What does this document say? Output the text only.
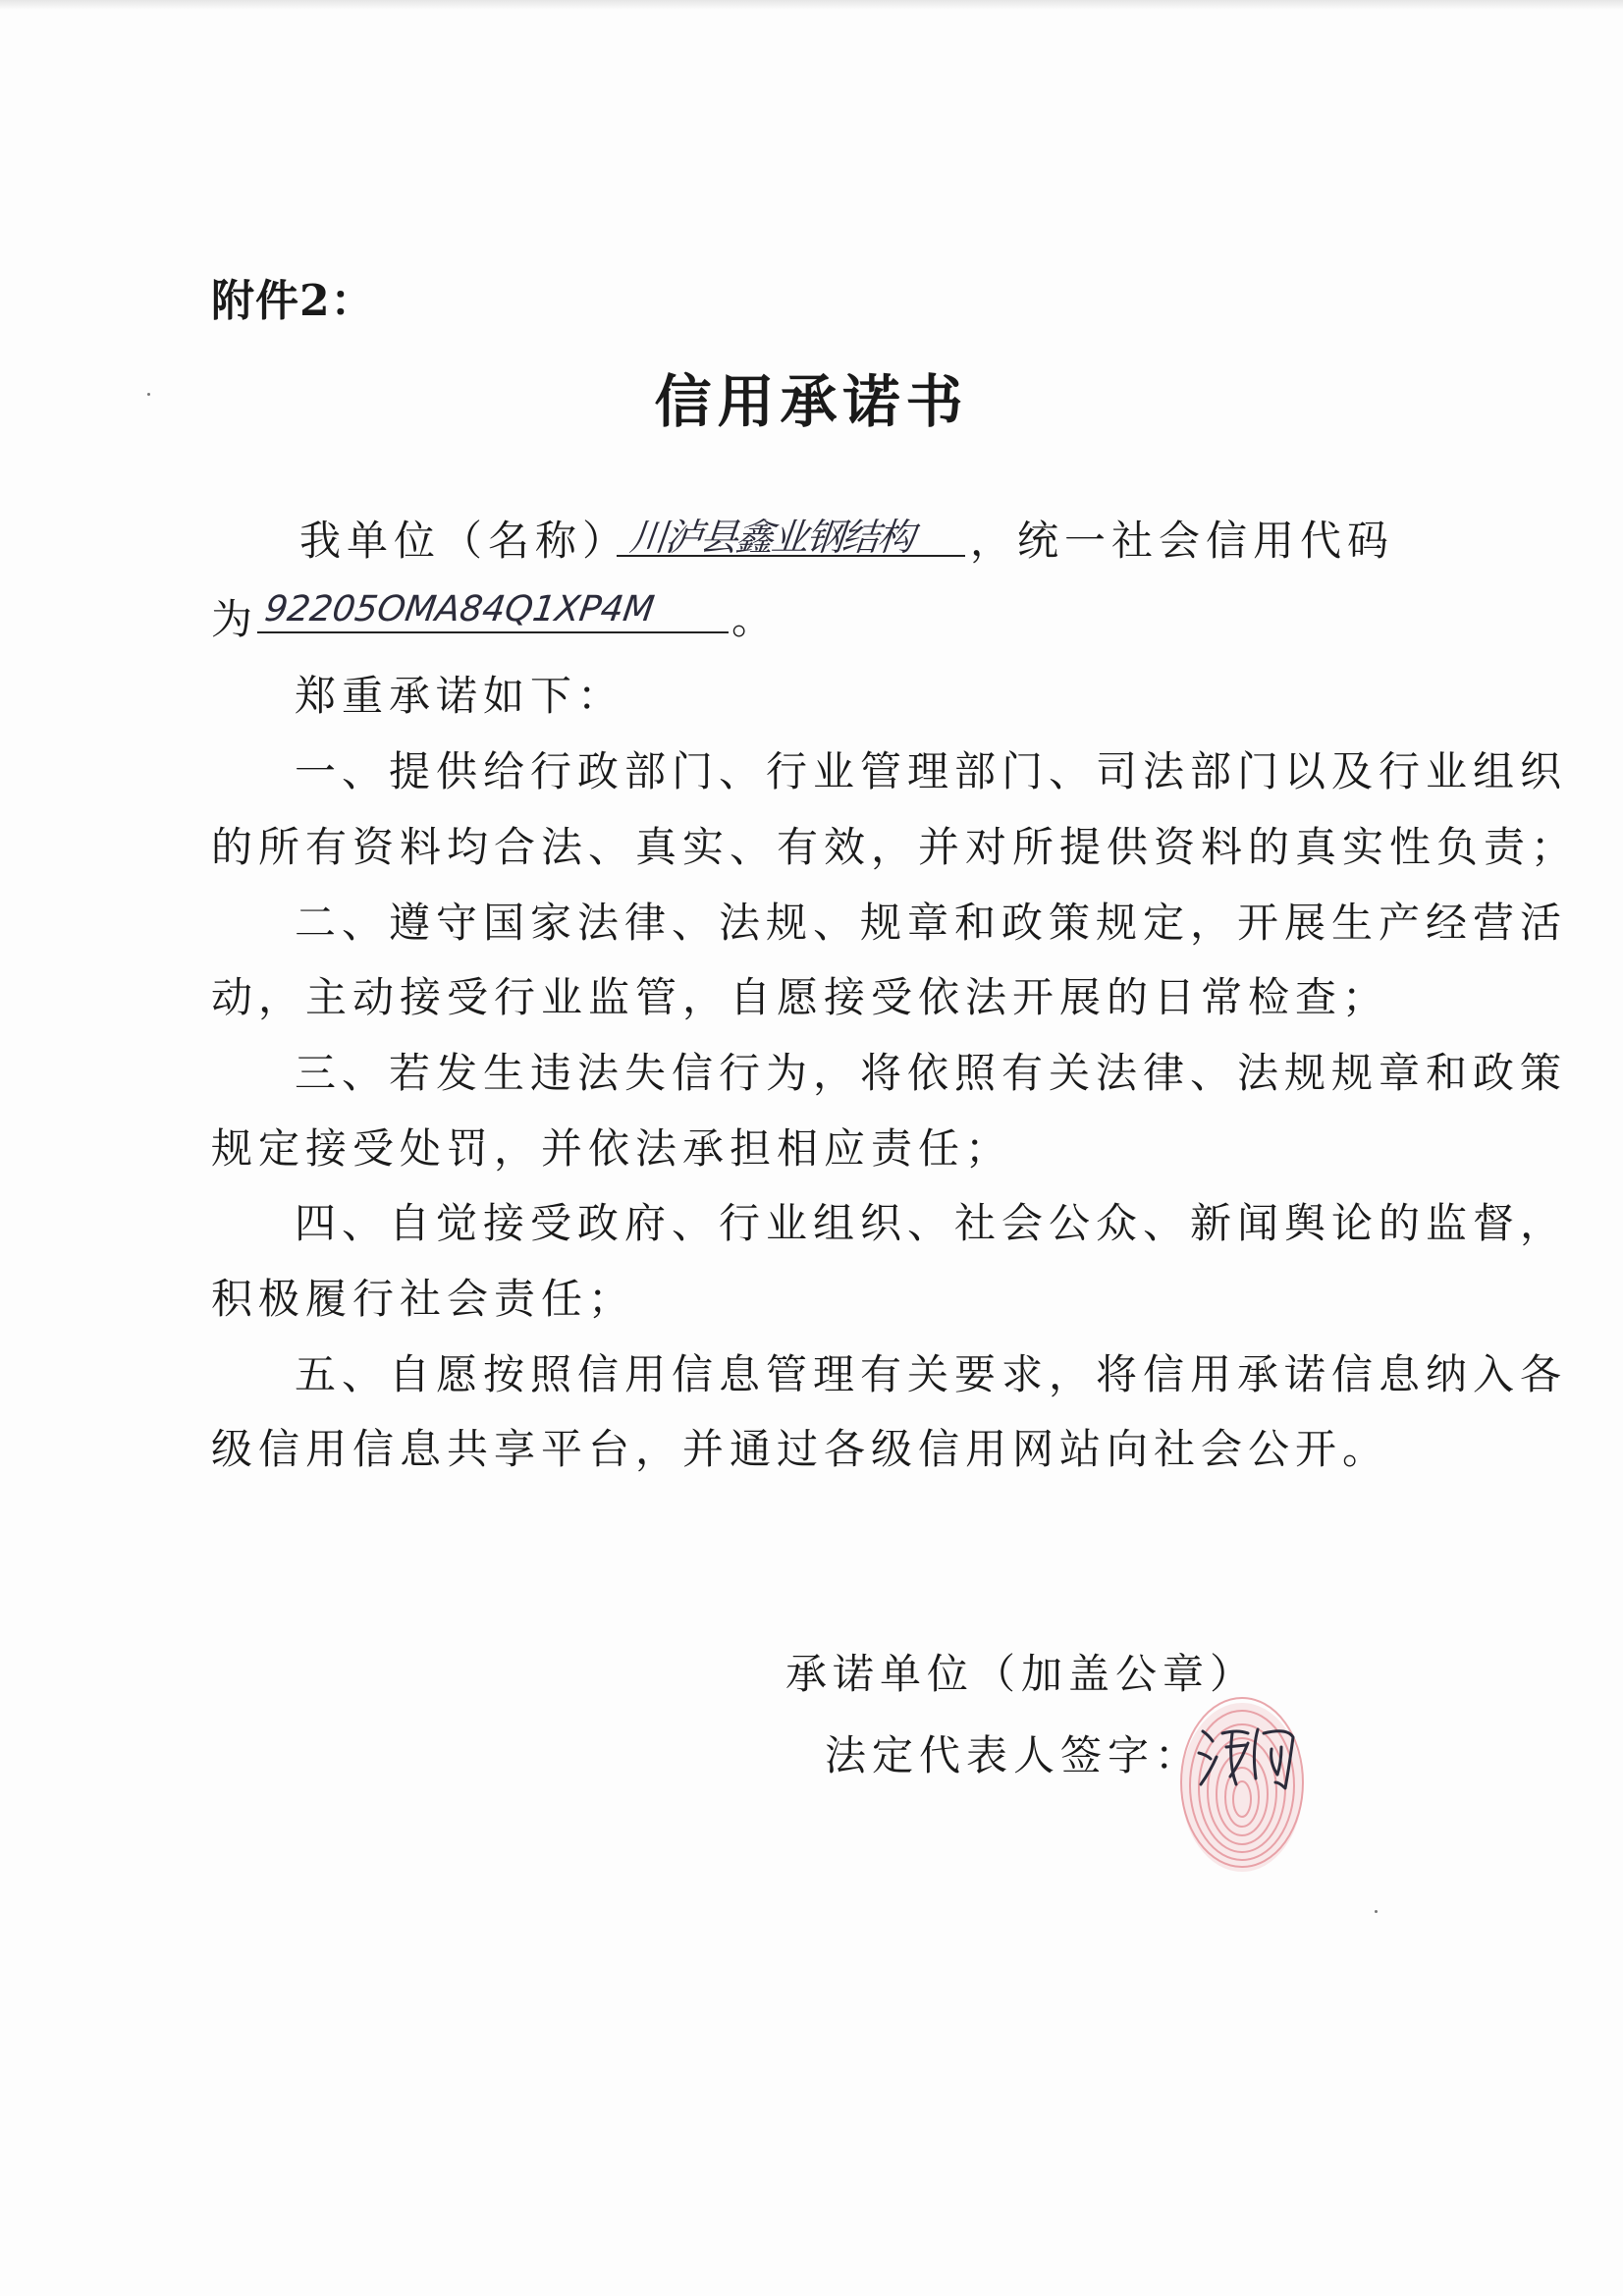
附件2：
信用承诺书
我单位（名称）
川泸县鑫业钢结构 ，统一社会信用代码
为 92205OMA84Q1XP4M 。
郑重承诺如下：
一、提供给行政部门、行业管理部门、司法部门以及行业组织
的所有资料均合法、真实、有效，并对所提供资料的真实性负责；
二、遵守国家法律、法规、规章和政策规定，开展生产经营活
动，主动接受行业监管，自愿接受依法开展的日常检查；
三、若发生违法失信行为，将依照有关法律、法规规章和政策
规定接受处罚，并依法承担相应责任；
四、自觉接受政府、行业组织、社会公众、新闻舆论的监督，
积极履行社会责任；
五、自愿按照信用信息管理有关要求，将信用承诺信息纳入各
级信用信息共享平台，并通过各级信用网站向社会公开。
承诺单位（加盖公章）
法定代表人签字：
